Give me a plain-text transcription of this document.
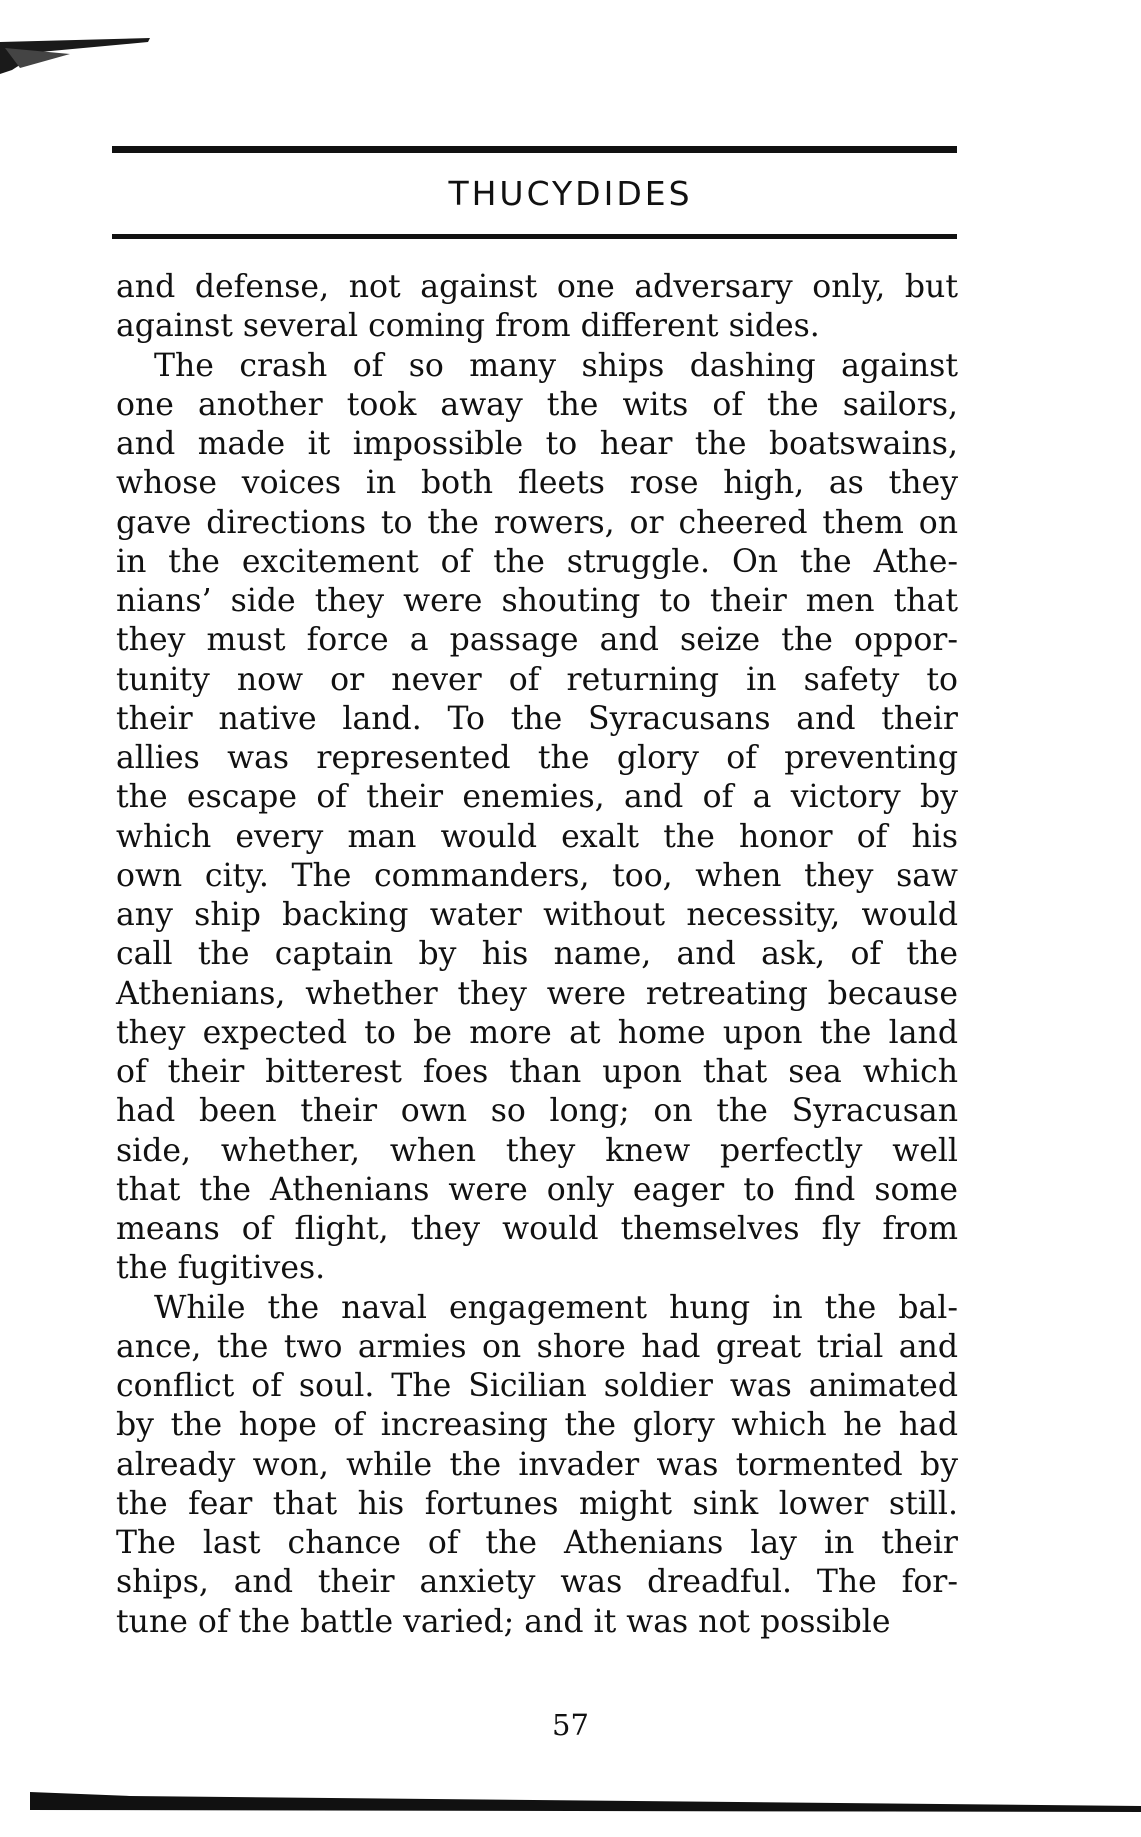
THUCYDIDES
and defense, not against one adversary only, but
against several coming from different sides.
The crash of so many ships dashing against
one another took away the wits of the sailors,
and made it impossible to hear the boatswains,
whose voices in both fleets rose high, as they
gave directions to the rowers, or cheered them on
in the excitement of the struggle. On the Athe-
nians’ side they were shouting to their men that
they must force a passage and seize the oppor-
tunity now or never of returning in safety to
their native land. To the Syracusans and their
allies was represented the glory of preventing
the escape of their enemies, and of a victory by
which every man would exalt the honor of his
own city. The commanders, too, when they saw
any ship backing water without necessity, would
call the captain by his name, and ask, of the
Athenians, whether they were retreating because
they expected to be more at home upon the land
of their bitterest foes than upon that sea which
had been their own so long; on the Syracusan
side, whether, when they knew perfectly well
that the Athenians were only eager to find some
means of flight, they would themselves fly from
the fugitives.
While the naval engagement hung in the bal-
ance, the two armies on shore had great trial and
conflict of soul. The Sicilian soldier was animated
by the hope of increasing the glory which he had
already won, while the invader was tormented by
the fear that his fortunes might sink lower still.
The last chance of the Athenians lay in their
ships, and their anxiety was dreadful. The for-
tune of the battle varied; and it was not possible
57
